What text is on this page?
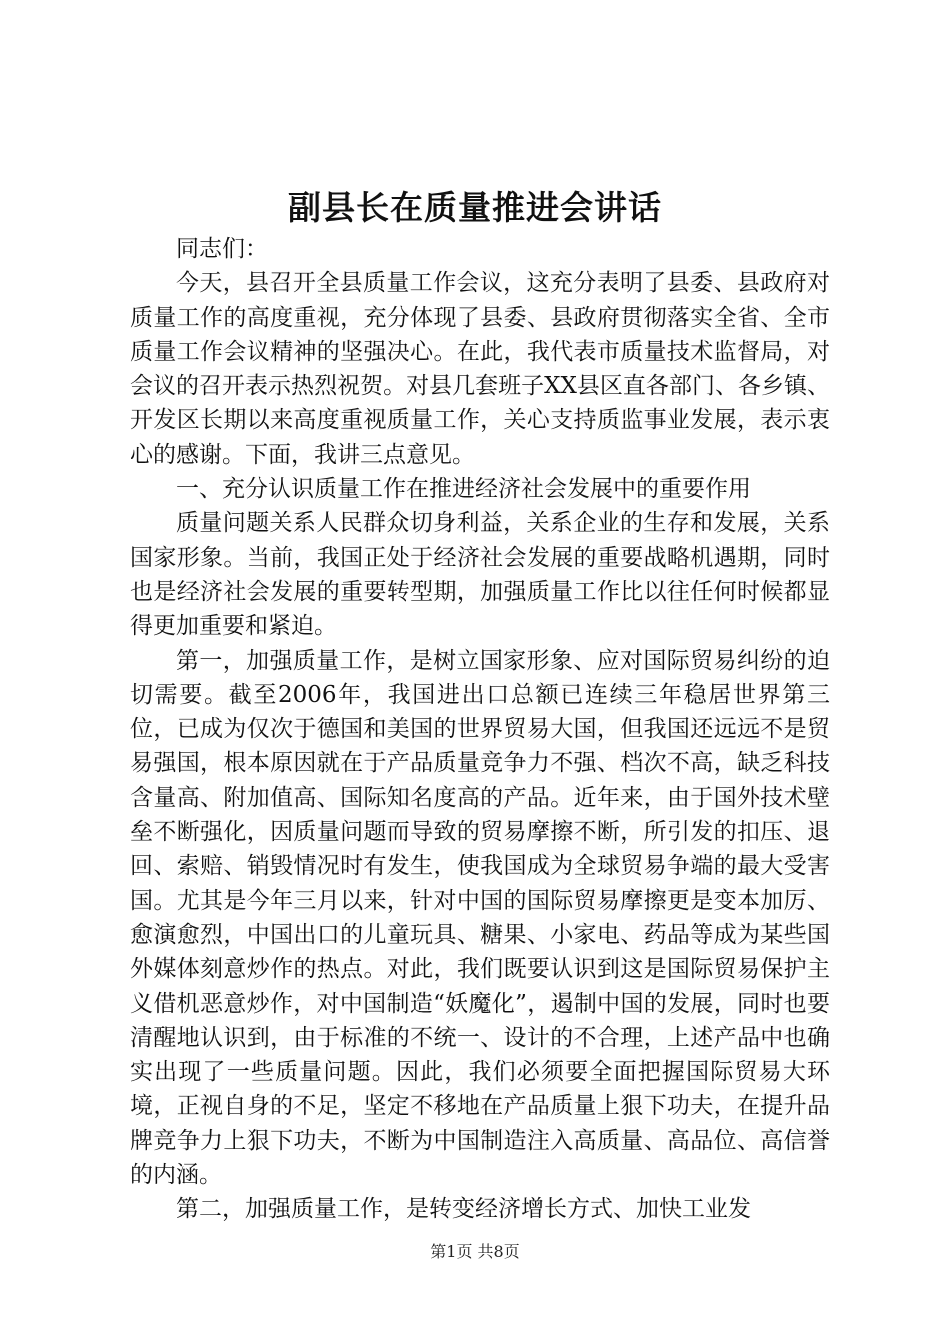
副县长在质量推进会讲话

同志们：

今天，县召开全县质量工作会议，这充分表明了县委、县政府对质量工作的高度重视，充分体现了县委、县政府贯彻落实全省、全市质量工作会议精神的坚强决心。在此，我代表市质量技术监督局，对会议的召开表示热烈祝贺。对县几套班子XX县区直各部门、各乡镇、开发区长期以来高度重视质量工作，关心支持质监事业发展，表示衷心的感谢。下面，我讲三点意见。

一、充分认识质量工作在推进经济社会发展中的重要作用

质量问题关系人民群众切身利益，关系企业的生存和发展，关系国家形象。当前，我国正处于经济社会发展的重要战略机遇期，同时也是经济社会发展的重要转型期，加强质量工作比以往任何时候都显得更加重要和紧迫。

第一，加强质量工作，是树立国家形象、应对国际贸易纠纷的迫切需要。截至2006年，我国进出口总额已连续三年稳居世界第三位，已成为仅次于德国和美国的世界贸易大国，但我国还远远不是贸易强国，根本原因就在于产品质量竞争力不强、档次不高，缺乏科技含量高、附加值高、国际知名度高的产品。近年来，由于国外技术壁垒不断强化，因质量问题而导致的贸易摩擦不断，所引发的扣压、退回、索赔、销毁情况时有发生，使我国成为全球贸易争端的最大受害国。尤其是今年三月以来，针对中国的国际贸易摩擦更是变本加厉、愈演愈烈，中国出口的儿童玩具、糖果、小家电、药品等成为某些国外媒体刻意炒作的热点。对此，我们既要认识到这是国际贸易保护主义借机恶意炒作，对中国制造“妖魔化”，遏制中国的发展，同时也要清醒地认识到，由于标准的不统一、设计的不合理，上述产品中也确实出现了一些质量问题。因此，我们必须要全面把握国际贸易大环境，正视自身的不足，坚定不移地在产品质量上狠下功夫，在提升品牌竞争力上狠下功夫，不断为中国制造注入高质量、高品位、高信誉的内涵。

第二，加强质量工作，是转变经济增长方式、加快工业发

第1页 共8页
